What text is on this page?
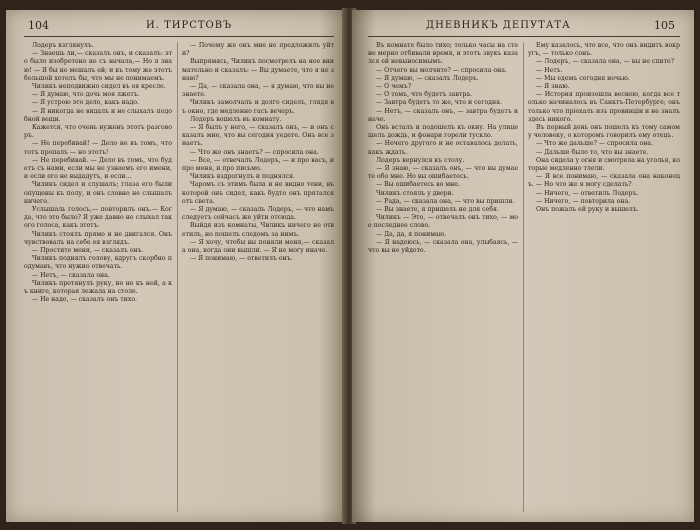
104	И. ТИРСТОВЪ

Лодеръ взглянулъ.

— Знаешь ли,— сказалъ онъ, и сказалъ: это было изобретено не съ начала,— Но я знаю! — Я бы не мешалъ ей; и къ тому же этотъ большой хотелъ бы, что мы не понимаемъ.

Чиликъ неподвижно сидел въ ея кресле.

— Я думаю, что дочь моя лжетъ.

— Я устрою это дело, какъ надо.

— Я никогда не видалъ и не слыхалъ подобной вещи.

Кажется, что очень нуженъ этотъ разговоръ.

— Не перебивай! — Дело не въ томъ, что тотъ пропалъ — но этотъ!

— Не перебивай. — Дело въ томъ, что будетъ съ нами, если мы не узнаемъ его имени, и если его не выдадутъ, и если...

Чиликъ сидел и слушалъ; глаза его были опущены къ полу, и онъ словно не слышалъ ничего.

Услышаль голосъ,— повторилъ онъ.— Когда, что это было? Я уже давно не слыхал такого голоса, какъ этотъ.

Чиликъ стоялъ прямо и не двигался. Онъ чувствовалъ на себе ея взглядъ.

— Простите меня, — сказалъ онъ.

Чиликъ поднялъ голову, вдругъ скорбно подумавъ, что нужно отвечать.

— Нетъ, — сказала она.

Чиликъ протянулъ руку, но не къ ней, а къ книге, которая лежала на столе.

— Не надо, — сказалъ онъ тихо.

— Почему же онъ мне не предложилъ уйти?

Выпрямясь, Чиликъ посмотрелъ на нее внимательно и сказалъ: — Вы думаете, что я не знаю?

— Да, — сказала она, — я думаю, что вы не знаете.

Чиликъ замолчалъ и долго сиделъ, глядя въ окно, где медленно гасъ вечеръ.

Лодеръ вошелъ въ комнату.

— Я былъ у него, — сказалъ онъ, — и онъ сказалъ мне, что вы сегодня уедете. Онъ все знаетъ.

— Что же онъ знаетъ? — спросила она.

— Все, — отвечалъ Лодеръ, — и про васъ, и про меня, и про письмо.

Чиликъ вздрогнулъ и поднялся.

Чаромъ съ этимъ была и не видно тени, въ которой онъ сидел, какъ будто онъ прятался отъ света.

— Я думаю, — сказалъ Лодеръ, — что намъ следуетъ сейчасъ же уйти отсюда.

Выйдя изъ комнаты, Чиликъ ничего не ответилъ, но пошелъ следомъ за нимъ.

— Я хочу, чтобы вы поняли меня,— сказала она, когда они вышли. — Я не могу иначе.

— Я понимаю, — ответилъ онъ.

ДНЕВНИКЪ ДЕПУТАТА	105

Въ комнате было тихо; только часы на стене мерно отбивали время, и этотъ звукъ казался ей невыносимымъ.

— Отчего вы молчите? — спросила она.

— Я думаю, — сказалъ Лодеръ.

— О чемъ?

— О томъ, что будетъ завтра.

— Завтра будетъ то же, что и сегодня.

— Нетъ, — сказалъ онъ, — завтра будетъ иначе.

Онъ всталъ и подошелъ къ окну. На улице шелъ дождь, и фонари горели тускло.

— Нечего другого и не оставалось делать, какъ ждать.

Лодеръ вернулся къ столу.

— Я знаю, — сказалъ онъ, — что вы думаете обо мне. Но вы ошибаетесь.

— Вы ошибаетесь во мне.

Чиликъ стоялъ у двери.

— Рада, — сказала она, — что вы пришли.

— Вы знаете, я пришелъ не для себя.

Чиликъ — Это, — отвечалъ онъ тихо, — мое последнее слово.

— Да, да, я понимаю.

— Я надеюсь, — сказала она, улыбаясь, — что вы не уйдете.

Ему казалось, что все, что онъ видитъ вокругъ, — только сонъ.

— Лодеръ, — сказала она, — вы не спите?

— Нетъ.

— Мы едемъ сегодня ночью.

— Я знаю.

— История произошла весною, когда все только начиналось въ Санктъ-Петербурге; онъ только что пріехалъ изъ провинціи и не зналъ здесь никого.

Въ первый день онъ пошелъ къ тому самому человеку, о которомъ говорилъ ему отецъ.

— Что же дальше? — спросила она.

— Дальше было то, что вы знаете.

Она сидела у огня и смотрела на уголья, которые медленно тлели.

— Я все понимаю, — сказала она наконецъ. — Но что же я могу сделать?

— Ничего, — ответилъ Лодеръ.

— Ничего, — повторила она.

Онъ пожалъ ей руку и вышелъ.
